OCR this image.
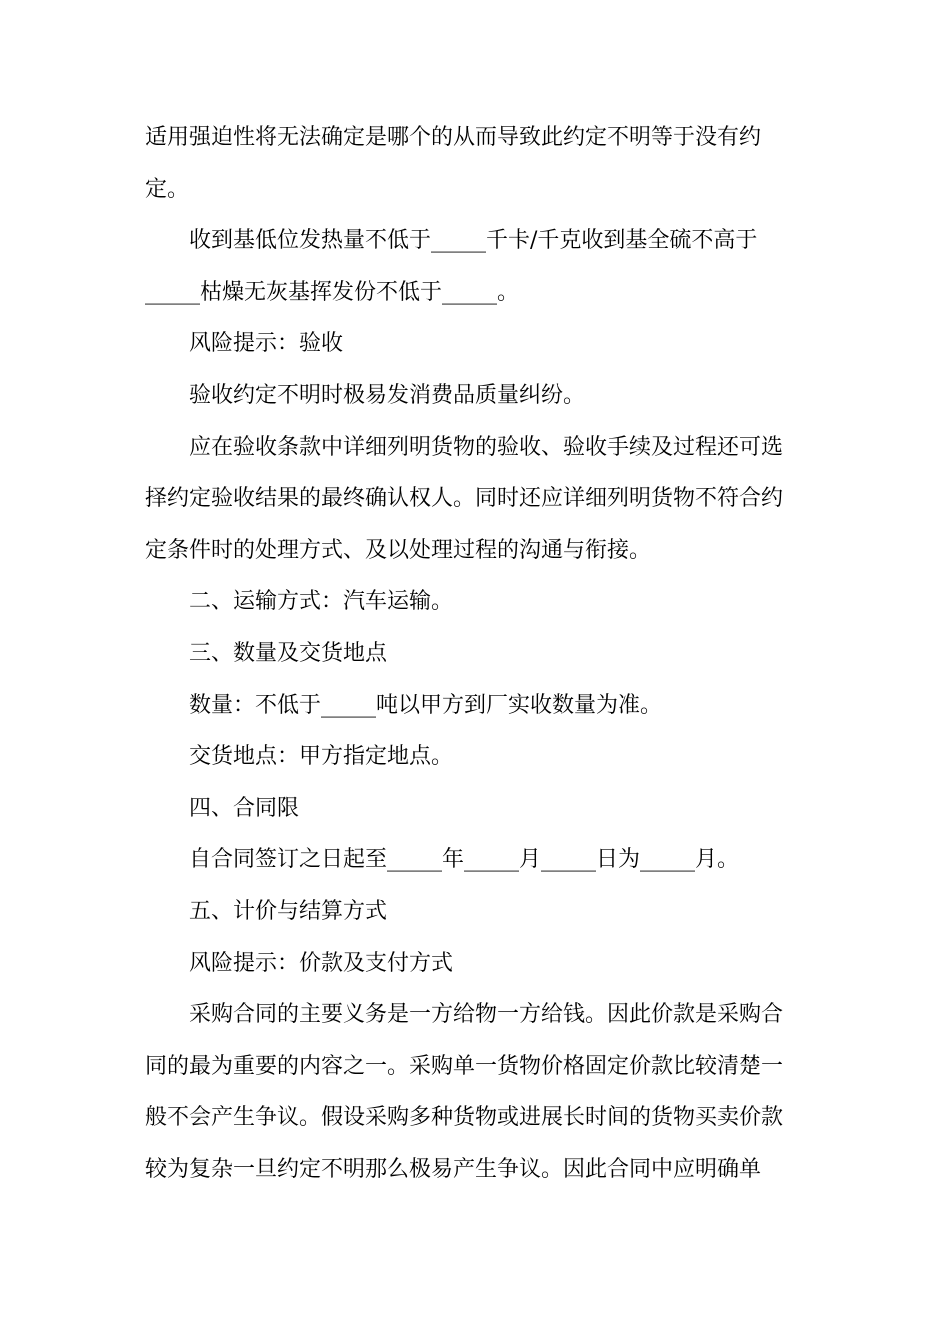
适用强迫性将无法确定是哪个的从而导致此约定不明等于没有约

定。

收到基低位发热量不低于_____千卡/千克收到基全硫不高于

_____枯燥无灰基挥发份不低于_____。

风险提示：验收

验收约定不明时极易发消费品质量纠纷。

应在验收条款中详细列明货物的验收、验收手续及过程还可选

择约定验收结果的最终确认权人。同时还应详细列明货物不符合约

定条件时的处理方式、及以处理过程的沟通与衔接。

二、运输方式：汽车运输。

三、数量及交货地点

数量：不低于_____吨以甲方到厂实收数量为准。

交货地点：甲方指定地点。

四、合同限

自合同签订之日起至_____年_____月_____日为_____月。

五、计价与结算方式

风险提示：价款及支付方式

采购合同的主要义务是一方给物一方给钱。因此价款是采购合

同的最为重要的内容之一。采购单一货物价格固定价款比较清楚一

般不会产生争议。假设采购多种货物或进展长时间的货物买卖价款

较为复杂一旦约定不明那么极易产生争议。因此合同中应明确单
